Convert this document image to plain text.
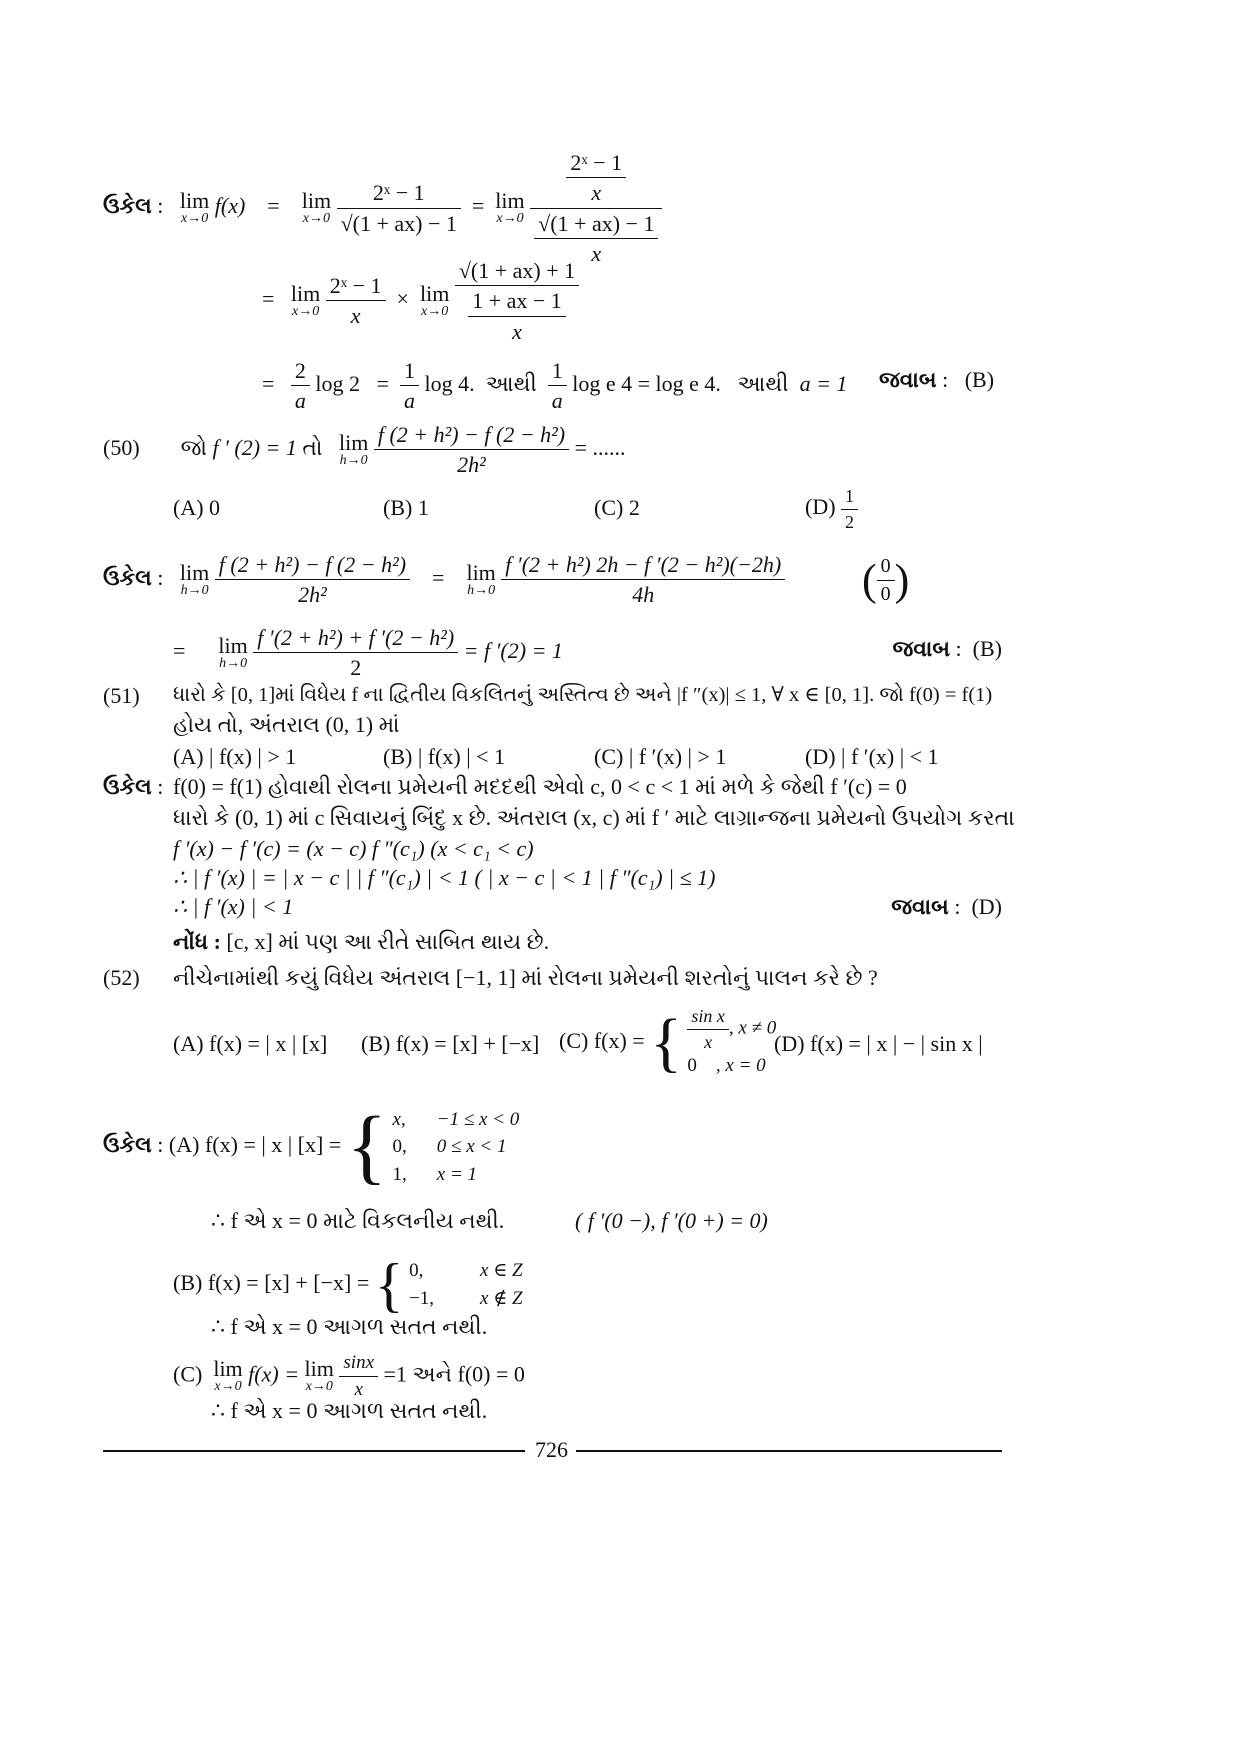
ઉકેલ : lim
x→0
f(x) = lim
x→0
$\frac{\text{2ˣ − 1}}{√(1 + ax) - 1} = \lim$
x→0
$\frac{\frac{\text{2ˣ − 1}}{x}}{\frac{√(1 + ax) - 1}{x}}$
= lim
x→0
$\frac{\text{2ˣ − 1}}{x} \times \lim$
x→0
$\frac{√(1 + ax) + 1}{\frac{1 + ax - 1}{x}}$
= $\frac{2}{a}$ $\log 2 = \frac{1}{a}$ log 4. આથી $\frac{1}{a}$ log e 4 = log e 4. આથી a = 1 જવાબ : (B)
(50) જો f ′ (2) = 1 તો lim
h→0
$\frac{\text{f (2 + h²) − f (2 − h²)}}{\text{2h²}}$ = ......
(A) 0	(B) 1	(C) 2	$(D) \frac{1}{2}$
ઉકેલ : lim
h→0
$\frac{\text{f (2 + h²) − f (2 − h²)}}{\text{2h²}} = \lim$
h→0
$\frac{\text{f ′(2 + h²) 2h − f ′(2 − h²)(−2h)}}{4h}$ ( $\frac{0}{0}$ )
= lim
h→0
$\frac{\text{f ′(2 + h²) + f ′(2 − h²)}}{2} = f$ ′(2) = 1	જવાબ : (B)
(51) ધારો કે [0, 1]માં વિધેય f ના દ્વિતીય વિકલિતનું અસ્તિત્વ છે અને |f ″(x)| ≤ 1, ∀ x ∈ [0, 1]. જો f(0) = f(1)
હોય તો, અંતરાલ (0, 1) માં
(A) | f(x) | > 1	(B) | f(x) | < 1	(C) | f ′(x) | > 1	(D) | f ′(x) | < 1
ઉકેલ : f(0) = f(1) હોવાથી રોલના પ્રમેયની મદદથી એવો c, 0 < c < 1 માં મળે કે જેથી f ′(c) = 0
ધારો કે (0, 1) માં c સિવાયનું બિંદુ x છે. અંતરાલ (x, c) માં f ′ માટે લાગ્રાન્જના પ્રમેયનો ઉપયોગ કરતા
f ′(x) − f ′(c) = (x − c) f ″(c₁) (x < c₁ < c)
∴ | f ′(x) | = | x − c | | f ″(c₁) | < 1 ( | x − c | < 1 | f ″(c₁) | ≤ 1)
∴ | f ′(x) | < 1	જવાબ : (D)
નોંધ : [c, x] માં પણ આ રીતે સાબિત થાય છે.
(52) નીચેનામાંથી કયું વિધેય અંતરાલ [−1, 1] માં રોલના પ્રમેયની શરતોનું પાલન કરે છે ?
(A) f(x) = | x | [x] (B) f(x) = [x] + [−x] (C) f(x) = { $\frac{\text{sin x}}{x}$ , x ≠ 0
0 , x = 0
(D) f(x) = | x | − | sin x |
ઉકેલ : (A) f(x) = | x | [x] = { x,	−1 ≤ x < 0
0,	0 ≤ x < 1
1,	x = 1
∴ f એ x = 0 માટે વિકલનીય નથી.	( f ′(0 −), f ′(0 +) = 0)
(B) f(x) = [x] + [−x] = { 0,	x ∈ Z
−1,	x ∉ Z
∴ f એ x = 0 આગળ સતત નથી.
(C) lim
x→0
f(x) = lim
x→0
$\frac{\sin x}{x} =1$ અને f(0) = 0
∴ f એ x = 0 આગળ સતત નથી.
726
